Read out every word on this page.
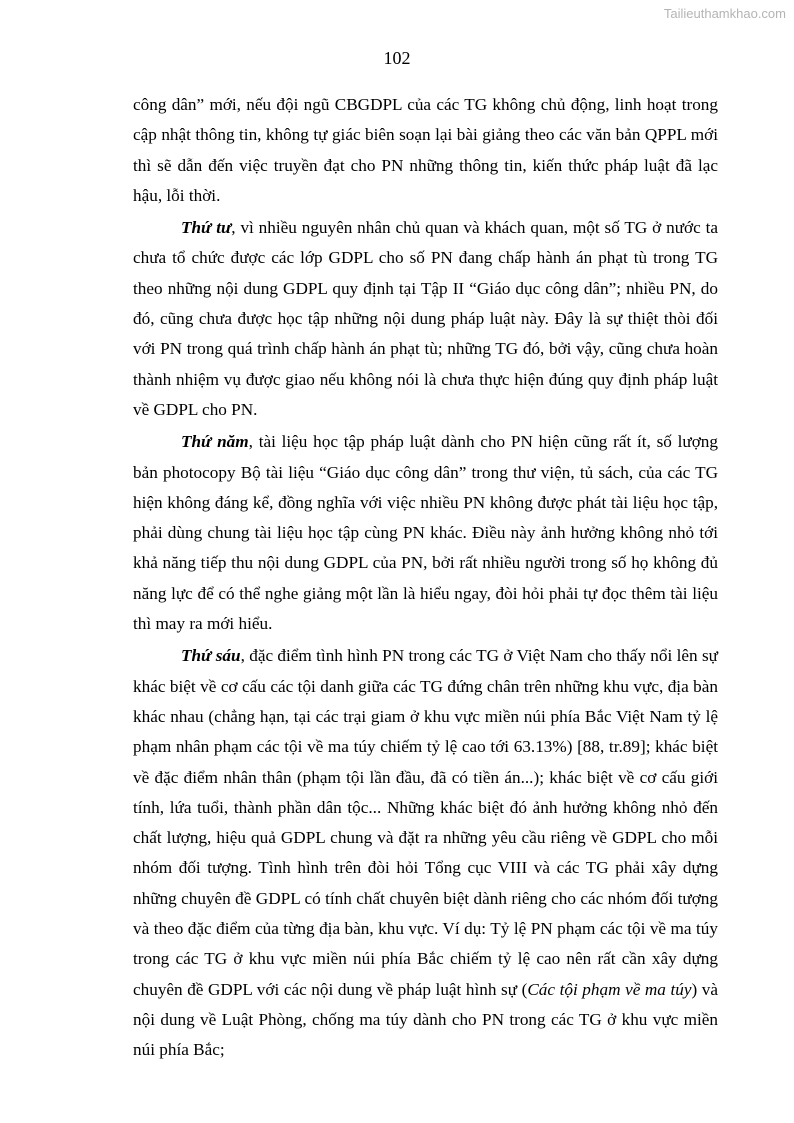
Tailieuthamkhao.com
102

công dân” mới, nếu đội ngũ CBGDPL của các TG không chủ động, linh hoạt trong cập nhật thông tin, không tự giác biên soạn lại bài giảng theo các văn bản QPPL mới thì sẽ dẫn đến việc truyền đạt cho PN những thông tin, kiến thức pháp luật đã lạc hậu, lỗi thời.

Thứ tư, vì nhiều nguyên nhân chủ quan và khách quan, một số TG ở nước ta chưa tổ chức được các lớp GDPL cho số PN đang chấp hành án phạt tù trong TG theo những nội dung GDPL quy định tại Tập II “Giáo dục công dân”; nhiều PN, do đó, cũng chưa được học tập những nội dung pháp luật này. Đây là sự thiệt thòi đối với PN trong quá trình chấp hành án phạt tù; những TG đó, bởi vậy, cũng chưa hoàn thành nhiệm vụ được giao nếu không nói là chưa thực hiện đúng quy định pháp luật về GDPL cho PN.

Thứ năm, tài liệu học tập pháp luật dành cho PN hiện cũng rất ít, số lượng bản photocopy Bộ tài liệu “Giáo dục công dân” trong thư viện, tủ sách, của các TG hiện không đáng kể, đồng nghĩa với việc nhiều PN không được phát tài liệu học tập, phải dùng chung tài liệu học tập cùng PN khác. Điều này ảnh hưởng không nhỏ tới khả năng tiếp thu nội dung GDPL của PN, bởi rất nhiều người trong số họ không đủ năng lực để có thể nghe giảng một lần là hiểu ngay, đòi hỏi phải tự đọc thêm tài liệu thì may ra mới hiểu.

Thứ sáu, đặc điểm tình hình PN trong các TG ở Việt Nam cho thấy nổi lên sự khác biệt về cơ cấu các tội danh giữa các TG đứng chân trên những khu vực, địa bàn khác nhau (chẳng hạn, tại các trại giam ở khu vực miền núi phía Bắc Việt Nam tỷ lệ phạm nhân phạm các tội về ma túy chiếm tỷ lệ cao tới 63.13%) [88, tr.89]; khác biệt về đặc điểm nhân thân (phạm tội lần đầu, đã có tiền án...); khác biệt về cơ cấu giới tính, lứa tuổi, thành phần dân tộc... Những khác biệt đó ảnh hưởng không nhỏ đến chất lượng, hiệu quả GDPL chung và đặt ra những yêu cầu riêng về GDPL cho mỗi nhóm đối tượng. Tình hình trên đòi hỏi Tổng cục VIII và các TG phải xây dựng những chuyên đề GDPL có tính chất chuyên biệt dành riêng cho các nhóm đối tượng và theo đặc điểm của từng địa bàn, khu vực. Ví dụ: Tỷ lệ PN phạm các tội về ma túy trong các TG ở khu vực miền núi phía Bắc chiếm tỷ lệ cao nên rất cần xây dựng chuyên đề GDPL với các nội dung về pháp luật hình sự (Các tội phạm về ma túy) và nội dung về Luật Phòng, chống ma túy dành cho PN trong các TG ở khu vực miền núi phía Bắc;
